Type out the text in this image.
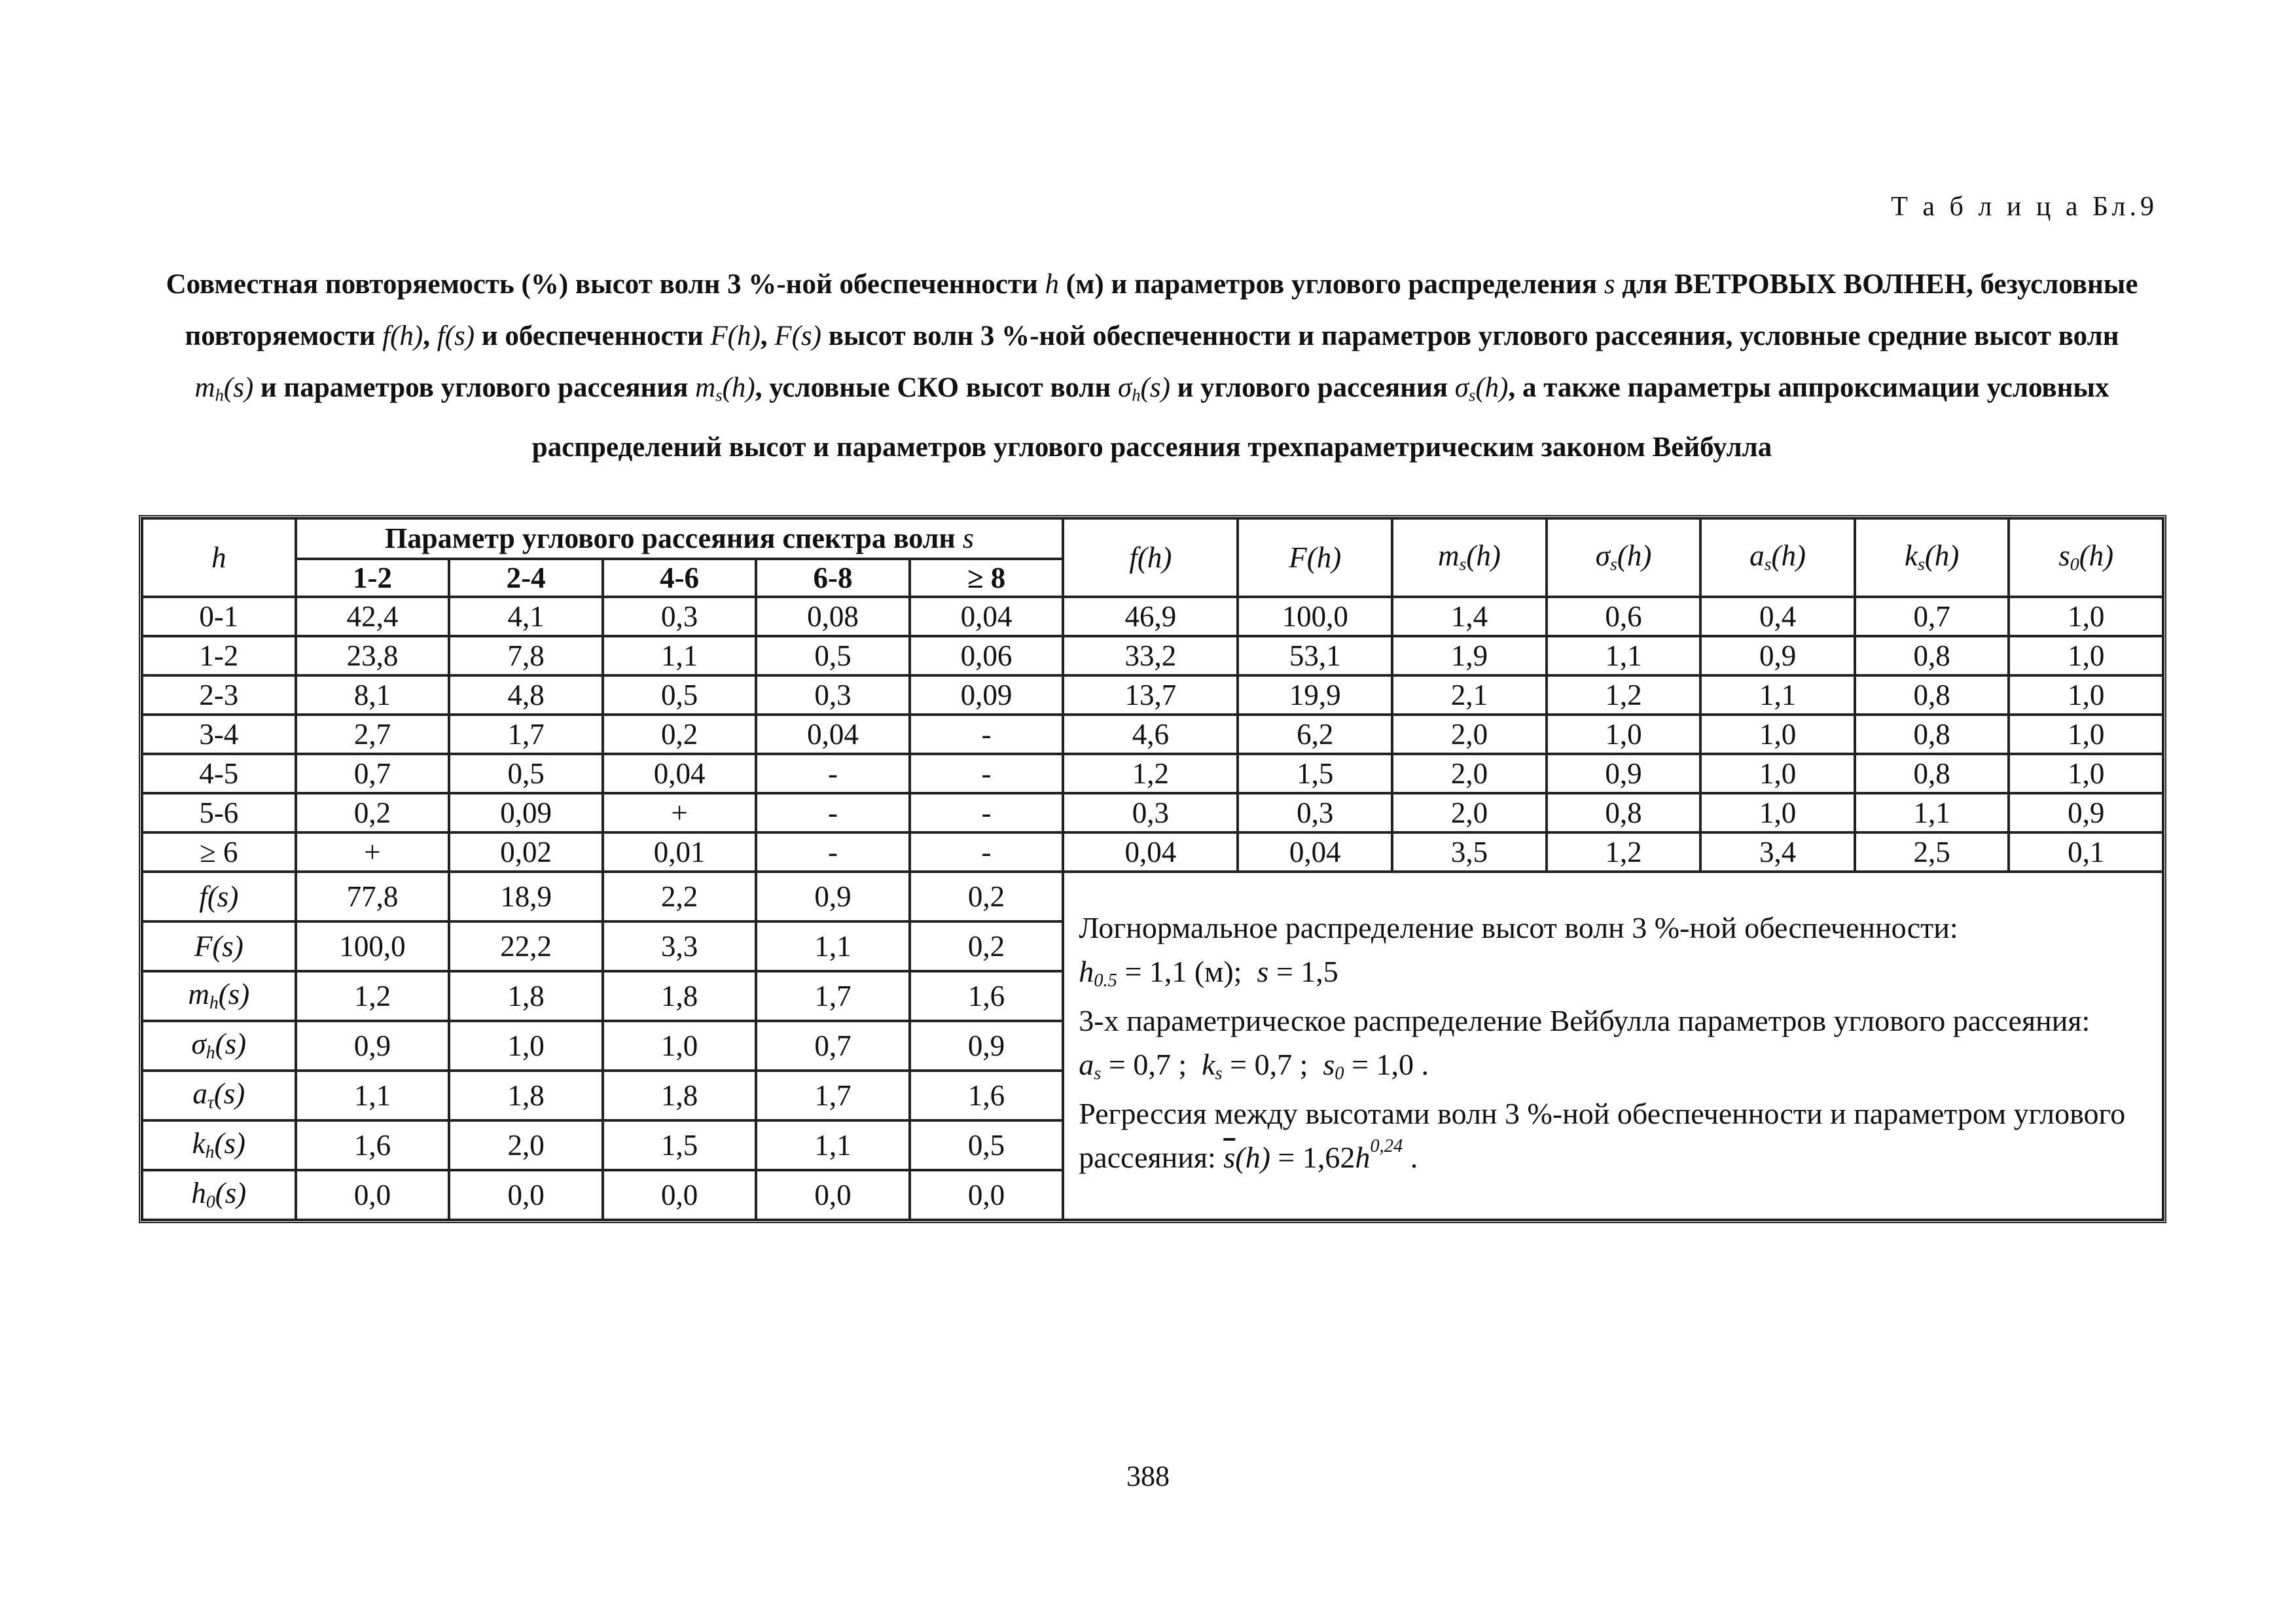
Т а б л и ц а Бл.9
Совместная повторяемость (%) высот волн 3 %-ной обеспеченности h (м) и параметров углового распределения s для ВЕТРОВЫХ ВОЛНЕН, безусловные повторяемости f(h), f(s) и обеспеченности F(h), F(s) высот волн 3 %-ной обеспеченности и параметров углового рассеяния, условные средние высот волн $m_h(s)$ и параметров углового рассеяния $m_s(h)$, условные СКО высот волн $\sigma_h(s)$ и углового рассеяния $\sigma_s(h)$, а также параметры аппроксимации условных распределений высот и параметров углового рассеяния трехпараметрическим законом Вейбулла
h	Параметр углового рассеяния спектра волн s					f(h)	F(h)	$m_s(h)$	$\sigma_s(h)$	$a_s(h)$	$k_s(h)$	$s_0(h)$
	1-2	2-4	4-6	6-8	≥ 8							
0-1	42,4	4,1	0,3	0,08	0,04	46,9	100,0	1,4	0,6	0,4	0,7	1,0
1-2	23,8	7,8	1,1	0,5	0,06	33,2	53,1	1,9	1,1	0,9	0,8	1,0
2-3	8,1	4,8	0,5	0,3	0,09	13,7	19,9	2,1	1,2	1,1	0,8	1,0
3-4	2,7	1,7	0,2	0,04	-	4,6	6,2	2,0	1,0	1,0	0,8	1,0
4-5	0,7	0,5	0,04	-	-	1,2	1,5	2,0	0,9	1,0	0,8	1,0
5-6	0,2	0,09	+	-	-	0,3	0,3	2,0	0,8	1,0	1,1	0,9
≥ 6	+	0,02	0,01	-	-	0,04	0,04	3,5	1,2	3,4	2,5	0,1
f(s)	77,8	18,9	2,2	0,9	0,2	Логнормальное распределение высот волн 3 %-ной обеспеченности:
$h_{0.5} = 1,1$ (м); s = 1,5

3-х параметрическое распределение Вейбулла параметров углового рассеяния:
$a_s = 0,7$ ;  $k_s = 0,7$ ;  $s_0 = 1,0$ .

Регрессия между высотами волн 3 %-ной обеспеченности и параметром углового рассеяния: $\overline{s}(h) = 1,62h^{0,24}$ .						

F(s)	100,0	22,2	3,3	1,1	0,2							
$m_h(s)$	1,2	1,8	1,8	1,7	1,6							
$\sigma_h(s)$	0,9	1,0	1,0	0,7	0,9							
$a_\tau(s)$	1,1	1,8	1,8	1,7	1,6							
$k_h(s)$	1,6	2,0	1,5	1,1	0,5							
$h_0(s)$	0,0	0,0	0,0	0,0	0,0							
388
